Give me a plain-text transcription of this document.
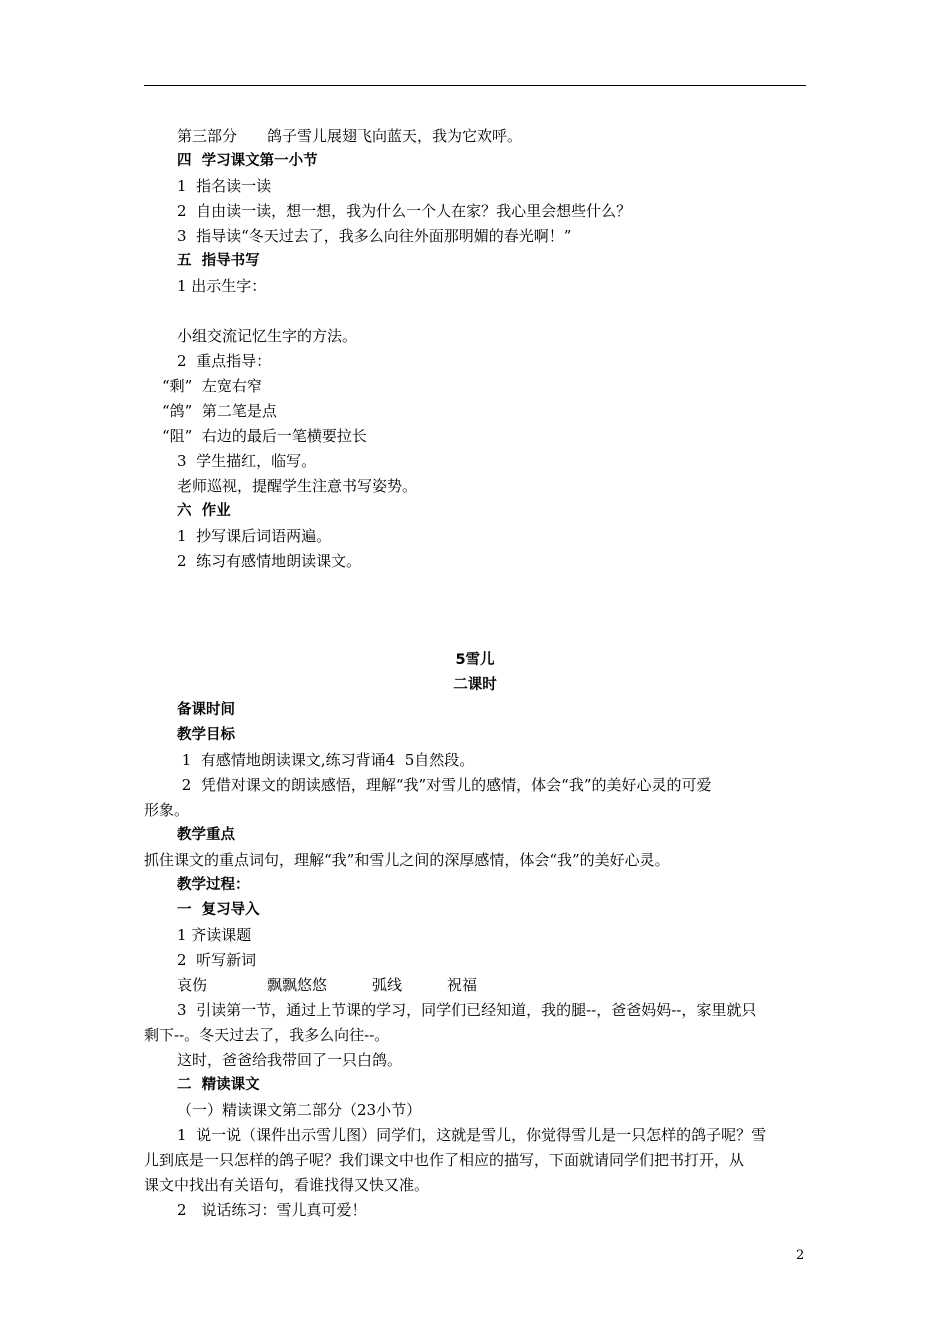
第三部分　　鸽子雪儿展翅飞向蓝天，我为它欢呼。
四  学习课文第一小节
1  指名读一读
2  自由读一读，想一想，我为什么一个人在家？我心里会想些什么？
3  指导读“冬天过去了，我多么向往外面那明媚的春光啊！”
五  指导书写
1 出示生字：
小组交流记忆生字的方法。
2  重点指导：
“剩”  左宽右窄
“鸽”  第二笔是点
“阻”  右边的最后一笔横要拉长
3  学生描红，临写。
老师巡视，提醒学生注意书写姿势。
六  作业
1  抄写课后词语两遍。
2  练习有感情地朗读课文。
5雪儿
二课时
备课时间
教学目标
1  有感情地朗读课文,练习背诵4  5自然段。
2  凭借对课文的朗读感悟，理解“我”对雪儿的感情，体会“我”的美好心灵的可爱
形象。
教学重点
抓住课文的重点词句，理解“我”和雪儿之间的深厚感情，体会“我”的美好心灵。
教学过程：
一  复习导入
1 齐读课题
2  听写新词
哀伤　　　　飘飘悠悠　　　弧线　　　祝福
3  引读第一节，通过上节课的学习，同学们已经知道，我的腿--，爸爸妈妈--，家里就只
剩下--。冬天过去了，我多么向往--。
这时，爸爸给我带回了一只白鸽。
二  精读课文
（一）精读课文第二部分（23小节）
1  说一说（课件出示雪儿图）同学们，这就是雪儿，你觉得雪儿是一只怎样的鸽子呢？雪
儿到底是一只怎样的鸽子呢？我们课文中也作了相应的描写，下面就请同学们把书打开，从
课文中找出有关语句，看谁找得又快又准。
2　说话练习：雪儿真可爱！
2
